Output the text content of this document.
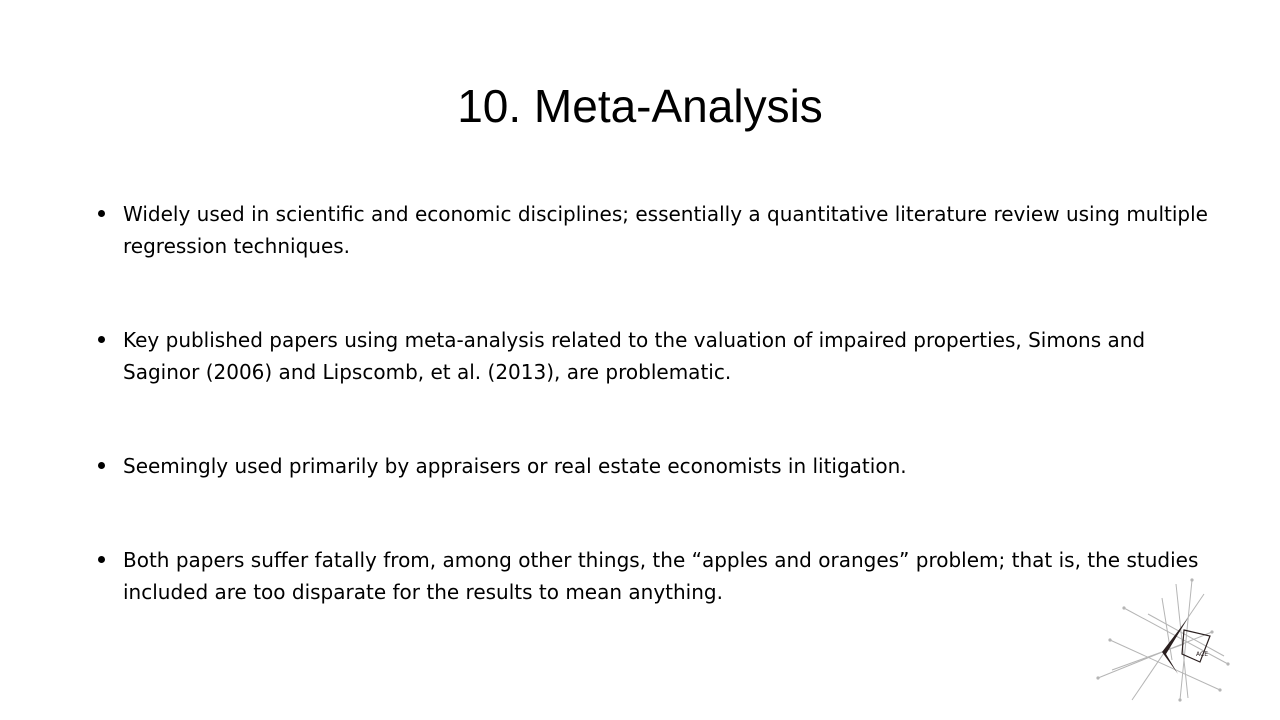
10. Meta-Analysis
Widely used in scientific and economic disciplines; essentially a quantitative literature review using multiple regression techniques.
Key published papers using meta-analysis related to the valuation of impaired properties, Simons and Saginor (2006) and Lipscomb, et al. (2013), are problematic.
Seemingly used primarily by appraisers or real estate economists in litigation.
Both papers suffer fatally from, among other things, the “apples and oranges” problem; that is, the studies included are too disparate for the results to mean anything.
ACE
